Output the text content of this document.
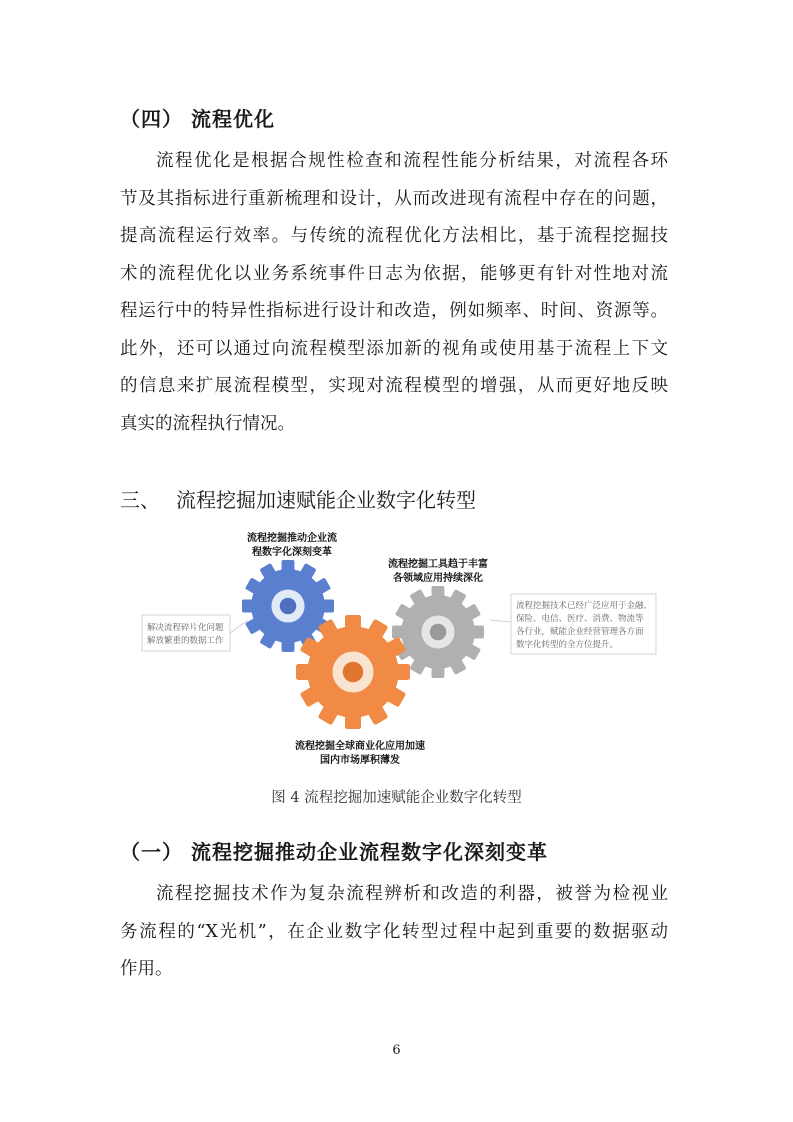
（四） 流程优化
流程优化是根据合规性检查和流程性能分析结果，对流程各环
节及其指标进行重新梳理和设计，从而改进现有流程中存在的问题，
提高流程运行效率。与传统的流程优化方法相比，基于流程挖掘技
术的流程优化以业务系统事件日志为依据，能够更有针对性地对流
程运行中的特异性指标进行设计和改造，例如频率、时间、资源等。
此外，还可以通过向流程模型添加新的视角或使用基于流程上下文
的信息来扩展流程模型，实现对流程模型的增强，从而更好地反映
真实的流程执行情况。
三、 流程挖掘加速赋能企业数字化转型
解决流程碎片化问题
解放繁重的数据工作
流程挖掘技术已经广泛应用于金融、
保险、电信、医疗、消费、物流等
各行业，赋能企业经营管理各方面
数字化转型的全方位提升。
流程挖掘推动企业流
程数字化深刻变革
流程挖掘工具趋于丰富
各领域应用持续深化
流程挖掘全球商业化应用加速
国内市场厚积薄发
图 4 流程挖掘加速赋能企业数字化转型
（一） 流程挖掘推动企业流程数字化深刻变革
流程挖掘技术作为复杂流程辨析和改造的利器，被誉为检视业
务流程的“X光机”，在企业数字化转型过程中起到重要的数据驱动
作用。
6
